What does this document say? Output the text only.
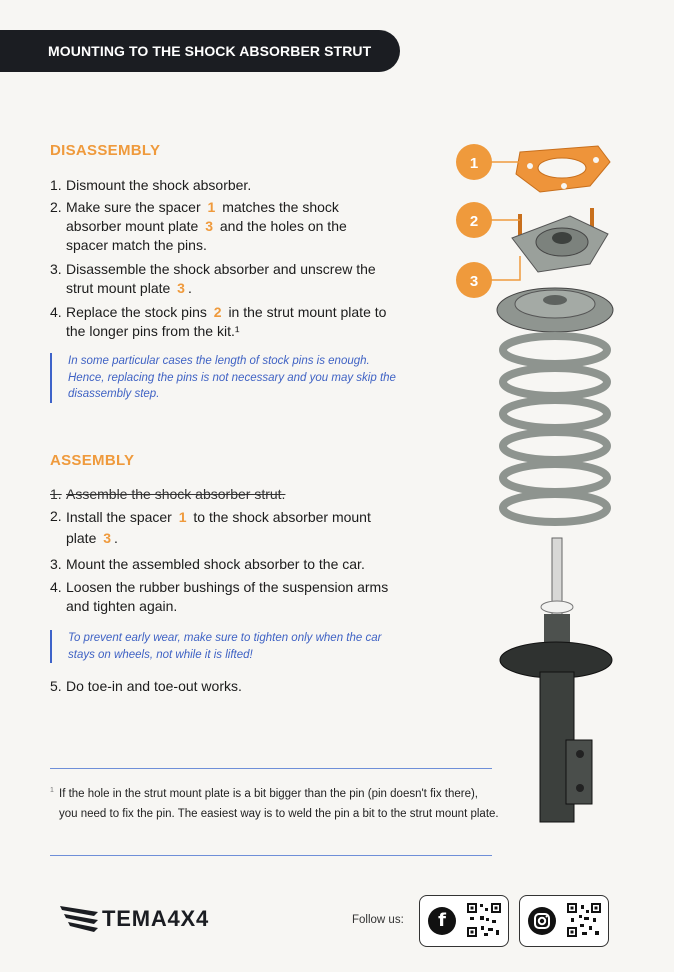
MOUNTING TO THE SHOCK ABSORBER STRUT
DISASSEMBLY
1. Dismount the shock absorber.
2. Make sure the spacer 1 matches the shock absorber mount plate 3 and the holes on the spacer match the pins.
3. Disassemble the shock absorber and unscrew the strut mount plate 3 .
4. Replace the stock pins 2 in the strut mount plate to the longer pins from the kit.¹
In some particular cases the length of stock pins is enough. Hence, replacing the pins is not necessary and you may skip the disassembly step.
ASSEMBLY
1. Assemble the shock absorber strut.
2. Install the spacer 1 to the shock absorber mount plate 3 .
3. Mount the assembled shock absorber to the car.
4. Loosen the rubber bushings of the suspension arms and tighten again.
To prevent early wear, make sure to tighten only when the car stays on wheels, not while it is lifted!
5. Do toe-in and toe-out works.
1 If the hole in the strut mount plate is a bit bigger than the pin (pin doesn't fix there), you need to fix the pin. The easiest way is to weld the pin a bit to the strut mount plate.
1
2
3
TEMA4X4	Follow us:	f
